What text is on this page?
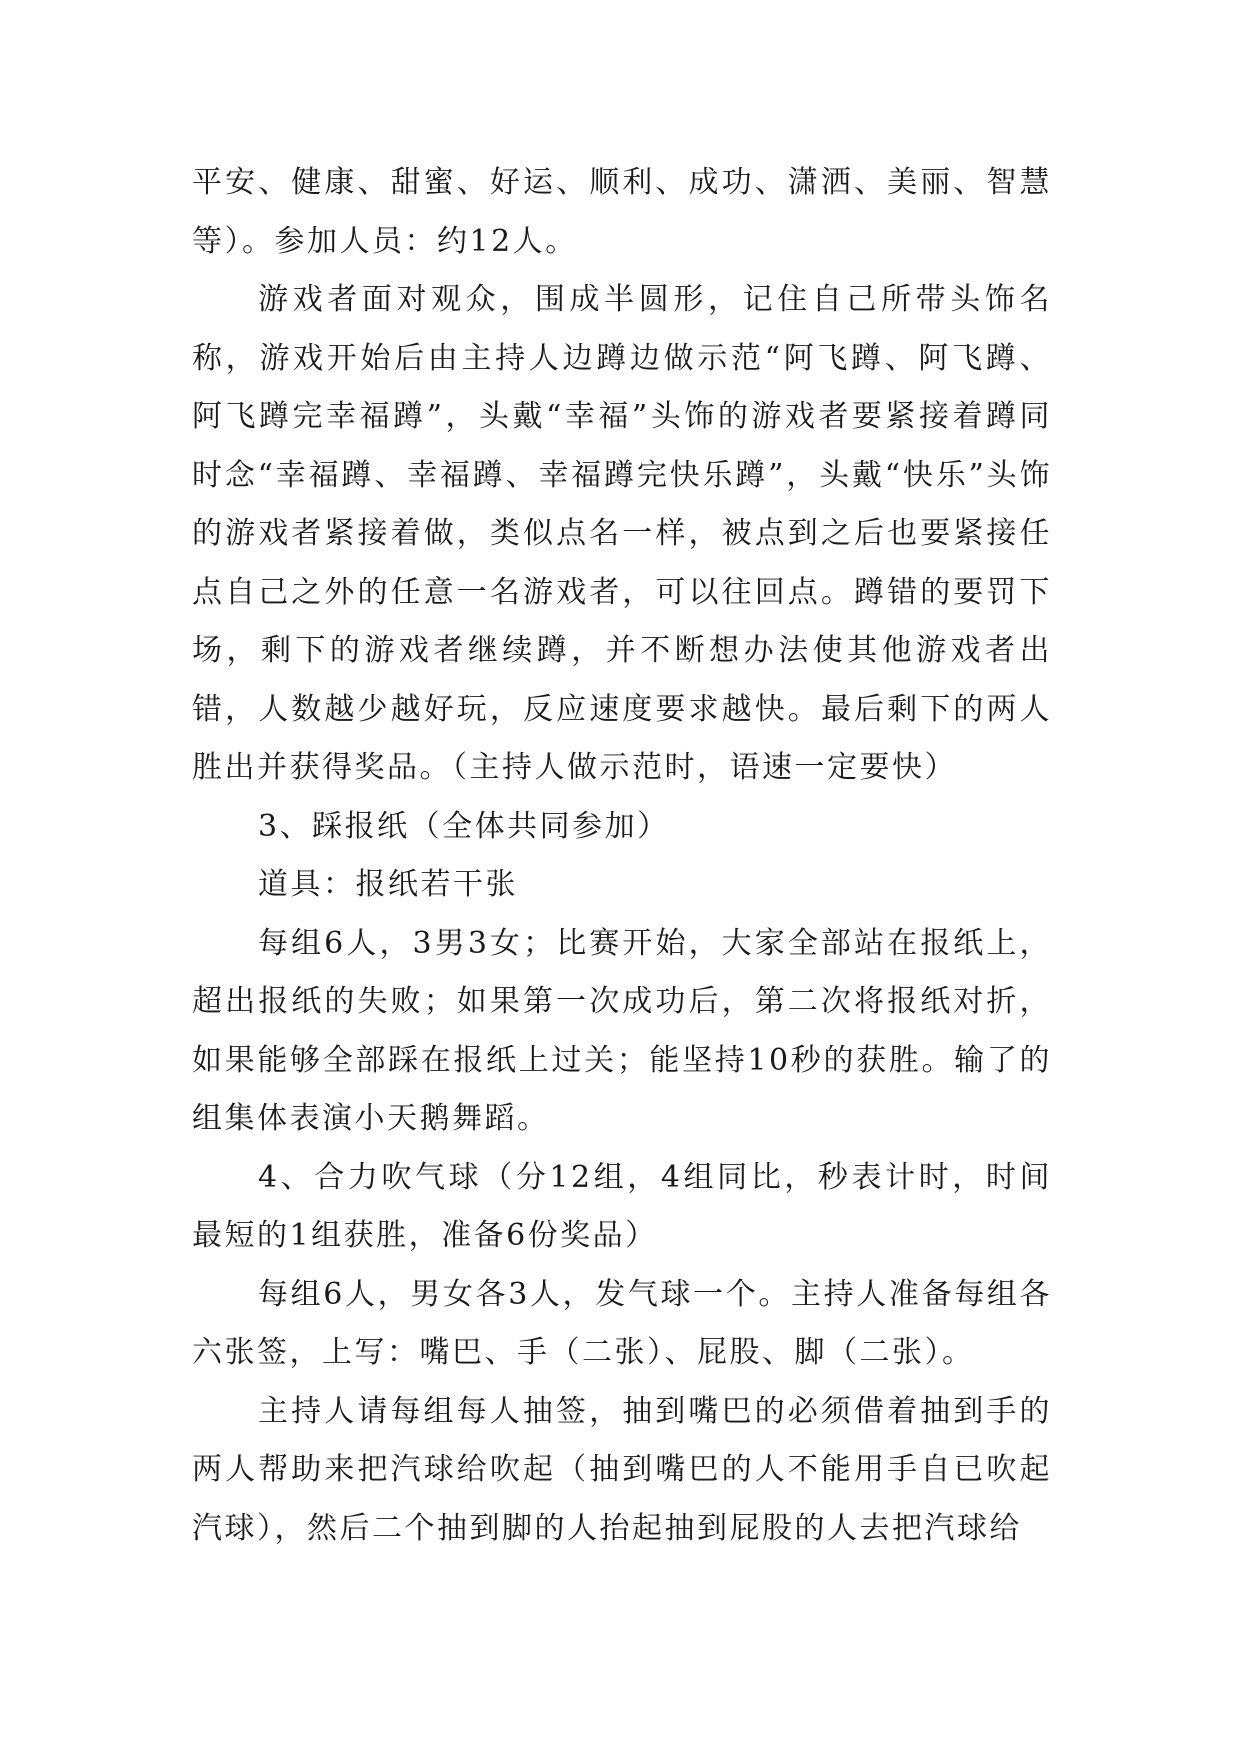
平安、健康、甜蜜、好运、顺利、成功、潇洒、美丽、智慧等）。参加人员：约12人。

游戏者面对观众，围成半圆形，记住自己所带头饰名称，游戏开始后由主持人边蹲边做示范“阿飞蹲、阿飞蹲、阿飞蹲完幸福蹲”，头戴“幸福”头饰的游戏者要紧接着蹲同时念“幸福蹲、幸福蹲、幸福蹲完快乐蹲”，头戴“快乐”头饰的游戏者紧接着做，类似点名一样，被点到之后也要紧接任点自己之外的任意一名游戏者，可以往回点。蹲错的要罚下场，剩下的游戏者继续蹲，并不断想办法使其他游戏者出错，人数越少越好玩，反应速度要求越快。最后剩下的两人胜出并获得奖品。（主持人做示范时，语速一定要快）

3、踩报纸（全体共同参加）

道具：报纸若干张

每组6人，3男3女；比赛开始，大家全部站在报纸上，超出报纸的失败；如果第一次成功后，第二次将报纸对折，如果能够全部踩在报纸上过关；能坚持10秒的获胜。输了的组集体表演小天鹅舞蹈。

4、合力吹气球（分12组，4组同比，秒表计时，时间最短的1组获胜，准备6份奖品）

每组6人，男女各3人，发气球一个。主持人准备每组各六张签，上写：嘴巴、手（二张）、屁股、脚（二张）。

主持人请每组每人抽签，抽到嘴巴的必须借着抽到手的两人帮助来把汽球给吹起（抽到嘴巴的人不能用手自已吹起汽球），然后二个抽到脚的人抬起抽到屁股的人去把汽球给
